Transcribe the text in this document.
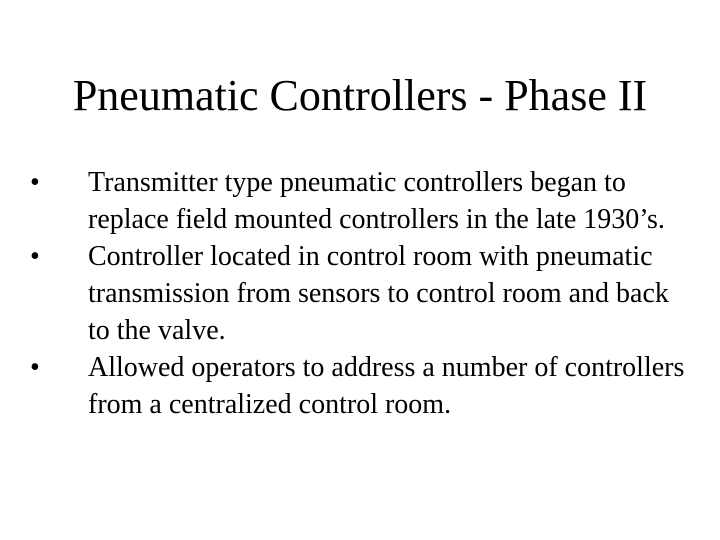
Pneumatic Controllers - Phase II
•	Transmitter type pneumatic controllers began to replace field mounted controllers in the late 1930’s.
•	Controller located in control room with pneumatic transmission from sensors to control room and back to the valve.
•	Allowed operators to address a number of controllers from a centralized control room.
